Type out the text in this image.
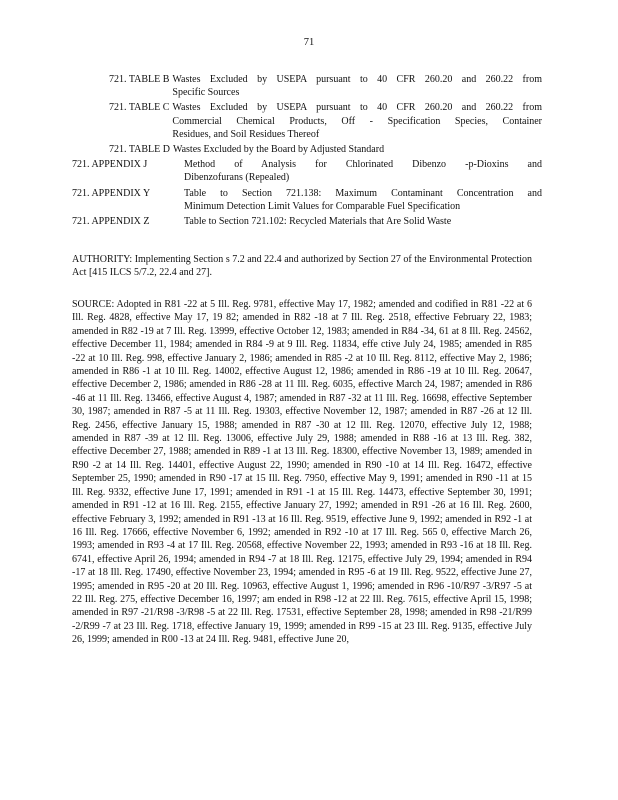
71
721. TABLE B Wastes Excluded by USEPA pursuant to 40 CFR 260.20 and 260.22 from
Specific Sources
721. TABLE C Wastes Excluded by USEPA pursuant to 40 CFR 260.20 and 260.22 from
Commercial Chemical Products, Off - Specification Species, Container
Residues, and Soil Residues Thereof
721. TABLE D Wastes Excluded by the Board by Adjusted Standard
721. APPENDIX J	Method of Analysis for Chlorinated Dibenzo -p-Dioxins and
Dibenzofurans (Repealed)
721. APPENDIX Y	Table to Section 721.138: Maximum Contaminant Concentration and
Minimum Detection Limit Values for Comparable Fuel Specification
721. APPENDIX Z	Table to Section 721.102: Recycled Materials that Are Solid Waste

AUTHORITY: Implementing Section s 7.2 and 22.4 and authorized by Section 27 of the Environmental Protection Act [415 ILCS 5/7.2, 22.4 and 27].

SOURCE: Adopted in R81 -22 at 5 Ill. Reg. 9781, effective May 17, 1982; amended and codified in R81 -22 at 6 Ill. Reg. 4828, effective May 17, 19 82; amended in R82 -18 at 7 Ill. Reg. 2518, effective February 22, 1983; amended in R82 -19 at 7 Ill. Reg. 13999, effective October 12, 1983; amended in R84 -34, 61 at 8 Ill. Reg. 24562, effective December 11, 1984; amended in R84 -9 at 9 Ill. Reg. 11834, effe ctive July 24, 1985; amended in R85 -22 at 10 Ill. Reg. 998, effective January 2, 1986; amended in R85 -2 at 10 Ill. Reg. 8112, effective May 2, 1986; amended in R86 -1 at 10 Ill. Reg. 14002, effective August 12, 1986; amended in R86 -19 at 10 Ill. Reg. 20647, effective December 2, 1986; amended in R86 -28 at 11 Ill. Reg. 6035, effective March 24, 1987; amended in R86 -46 at 11 Ill. Reg. 13466, effective August 4, 1987; amended in R87 -32 at 11 Ill. Reg. 16698, effective September 30, 1987; amended in R87 -5 at 11 Ill. Reg. 19303, effective November 12, 1987; amended in R87 -26 at 12 Ill. Reg. 2456, effective January 15, 1988; amended in R87 -30 at 12 Ill. Reg. 12070, effective July 12, 1988; amended in R87 -39 at 12 Ill. Reg. 13006, effective July 29, 1988; amended in R88 -16 at 13 Ill. Reg. 382, effective December 27, 1988; amended in R89 -1 at 13 Ill. Reg. 18300, effective November 13, 1989; amended in R90 -2 at 14 Ill. Reg. 14401, effective August 22, 1990; amended in R90 -10 at 14 Ill. Reg. 16472, effective September 25, 1990; amended in R90 -17 at 15 Ill. Reg. 7950, effective May 9, 1991; amended in R90 -11 at 15 Ill. Reg. 9332, effective June 17, 1991; amended in R91 -1 at 15 Ill. Reg. 14473, effective September 30, 1991; amended in R91 -12 at 16 Ill. Reg. 2155, effective January 27, 1992; amended in R91 -26 at 16 Ill. Reg. 2600, effective February 3, 1992; amended in R91 -13 at 16 Ill. Reg. 9519, effective June 9, 1992; amended in R92 -1 at 16 Ill. Reg. 17666, effective November 6, 1992; amended in R92 -10 at 17 Ill. Reg. 565 0, effective March 26, 1993; amended in R93 -4 at 17 Ill. Reg. 20568, effective November 22, 1993; amended in R93 -16 at 18 Ill. Reg. 6741, effective April 26, 1994; amended in R94 -7 at 18 Ill. Reg. 12175, effective July 29, 1994; amended in R94 -17 at 18 Ill. Reg. 17490, effective November 23, 1994; amended in R95 -6 at 19 Ill. Reg. 9522, effective June 27, 1995; amended in R95 -20 at 20 Ill. Reg. 10963, effective August 1, 1996; amended in R96 -10/R97 -3/R97 -5 at 22 Ill. Reg. 275, effective December 16, 1997; am ended in R98 -12 at 22 Ill. Reg. 7615, effective April 15, 1998; amended in R97 -21/R98 -3/R98 -5 at 22 Ill. Reg. 17531, effective September 28, 1998; amended in R98 -21/R99 -2/R99 -7 at 23 Ill. Reg. 1718, effective January 19, 1999; amended in R99 -15 at 23 Ill. Reg. 9135, effective July 26, 1999; amended in R00 -13 at 24 Ill. Reg. 9481, effective June 20,
